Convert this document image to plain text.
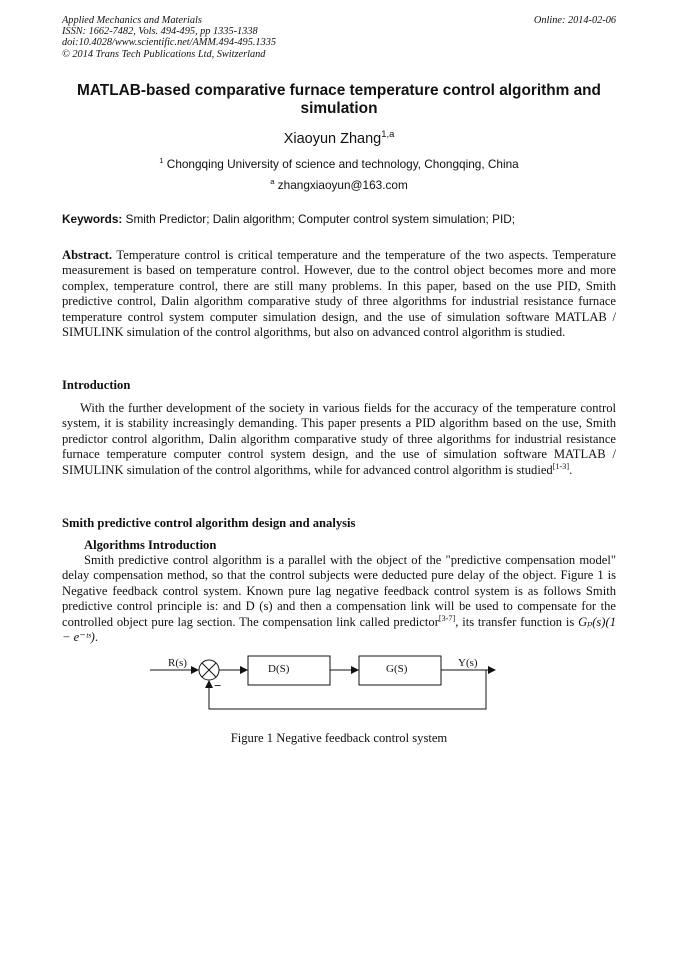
Applied Mechanics and Materials
ISSN: 1662-7482, Vols. 494-495, pp 1335-1338
doi:10.4028/www.scientific.net/AMM.494-495.1335
© 2014 Trans Tech Publications Ltd, Switzerland
Online: 2014-02-06
MATLAB-based comparative furnace temperature control algorithm and simulation
Xiaoyun Zhang$^{1,a}$
$^1$ Chongqing University of science and technology, Chongqing, China
$^a$ zhangxiaoyun@163.com
Keywords: Smith Predictor; Dalin algorithm; Computer control system simulation; PID;
Abstract. Temperature control is critical temperature and the temperature of the two aspects. Temperature measurement is based on temperature control. However, due to the control object becomes more and more complex, temperature control, there are still many problems. In this paper, based on the use PID, Smith predictive control, Dalin algorithm comparative study of three algorithms for industrial resistance furnace temperature control system computer simulation design, and the use of simulation software MATLAB / SIMULINK simulation of the control algorithms, but also on advanced control algorithm is studied.
Introduction
With the further development of the society in various fields for the accuracy of the temperature control system, it is stability increasingly demanding. This paper presents a PID algorithm based on the use, Smith predictor control algorithm, Dalin algorithm comparative study of three algorithms for industrial resistance furnace temperature computer control system design, and the use of simulation software MATLAB / SIMULINK simulation of the control algorithms, while for advanced control algorithm is studied[1-3].
Smith predictive control algorithm design and analysis
Algorithms Introduction
Smith predictive control algorithm is a parallel with the object of the "predictive compensation model" delay compensation method, so that the control subjects were deducted pure delay of the object. Figure 1 is Negative feedback control system. Known pure lag negative feedback control system is as follows Smith predictive control principle is: and D (s) and then a compensation link will be used to compensate for the controlled object pure lag section. The compensation link called predictor[3-7], its transfer function is Gₚ(s)(1 − e⁻ᵗˢ).
R(s)	D(S)	G(S)	Y(s)
−
Figure 1 Negative feedback control system
